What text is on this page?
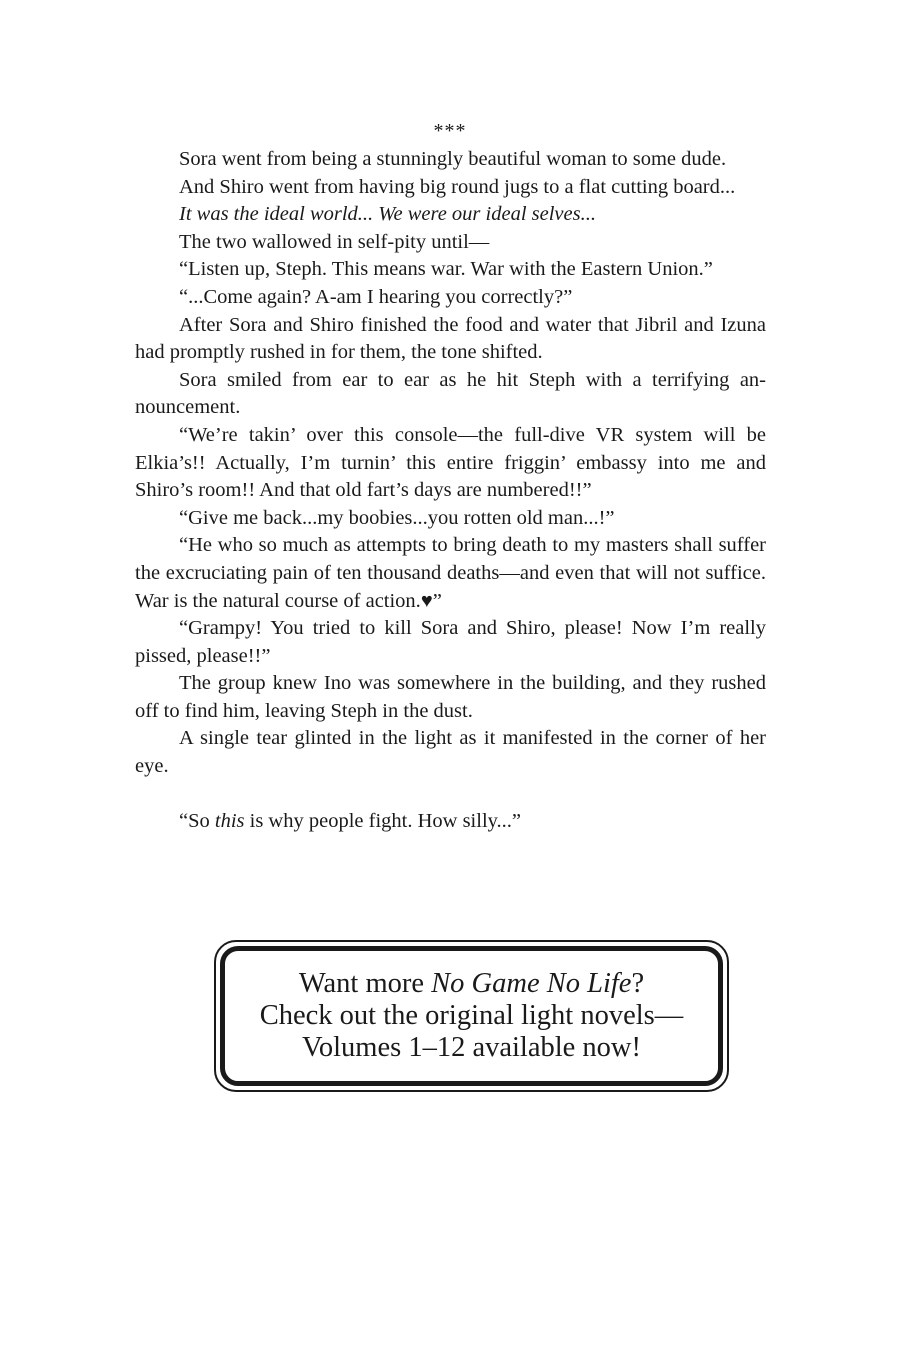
***

Sora went from being a stunningly beautiful woman to some dude.

And Shiro went from having big round jugs to a flat cutting board...

It was the ideal world... We were our ideal selves...

The two wallowed in self-pity until—

“Listen up, Steph. This means war. War with the Eastern Union.”

“...Come again? A-am I hearing you correctly?”

After Sora and Shiro finished the food and water that Jibril and Izuna had promptly rushed in for them, the tone shifted.

Sora smiled from ear to ear as he hit Steph with a terrifying announcement.

“We’re takin’ over this console—the full-dive VR system will be Elkia’s!! Actually, I’m turnin’ this entire friggin’ embassy into me and Shiro’s room!! And that old fart’s days are numbered!!”

“Give me back...my boobies...you rotten old man...!”

“He who so much as attempts to bring death to my masters shall suffer the excruciating pain of ten thousand deaths—and even that will not suffice. War is the natural course of action.♥”

“Grampy! You tried to kill Sora and Shiro, please! Now I’m really pissed, please!!”

The group knew Ino was somewhere in the building, and they rushed off to find him, leaving Steph in the dust.

A single tear glinted in the light as it manifested in the corner of her eye.

“So this is why people fight. How silly...”

Want more No Game No Life?
Check out the original light novels—
Volumes 1–12 available now!
